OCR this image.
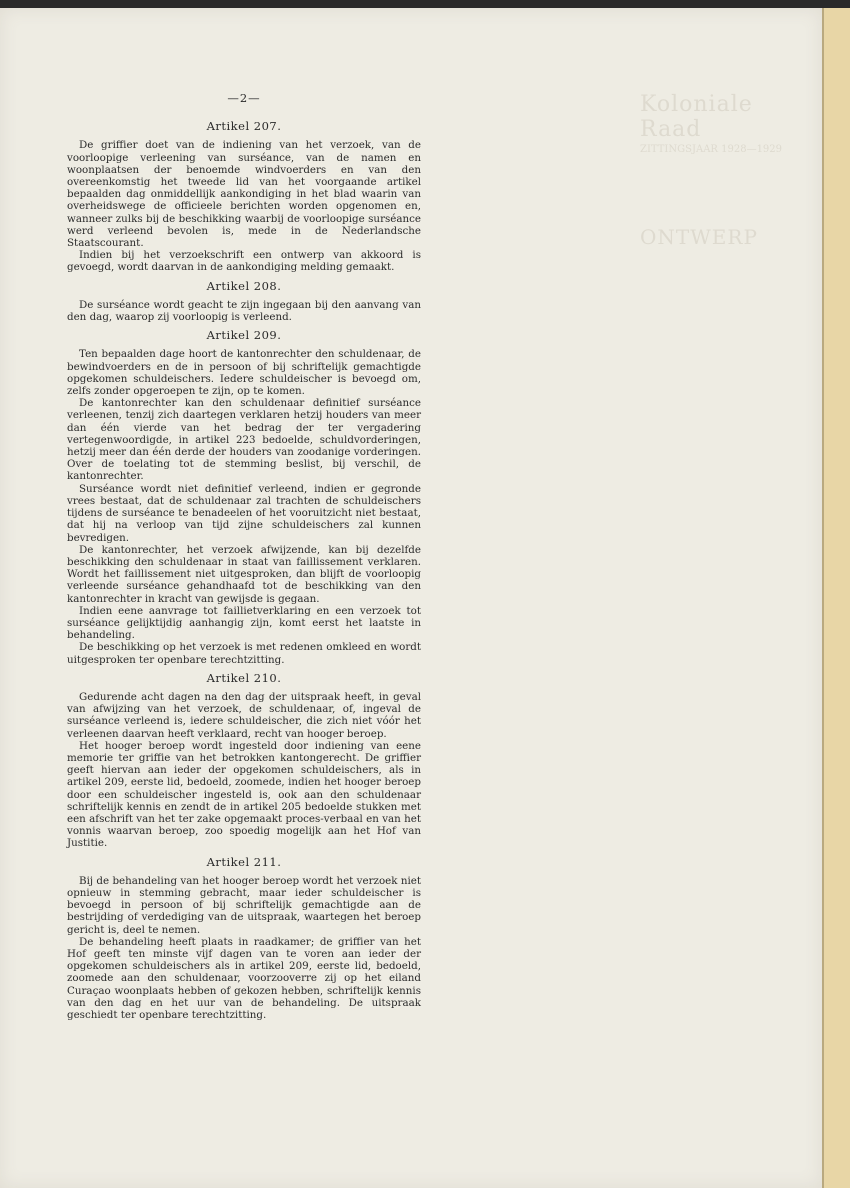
Koloniale Raad
ZITTINGSJAAR 1928—1929
ONTWERP
—2—
Artikel 207.

De griffier doet van de indiening van het verzoek, van de voorloopige verleening van surséance, van de namen en woonplaatsen der benoemde windvoerders en van den overeenkomstig het tweede lid van het voorgaande artikel bepaalden dag onmiddellijk aankondiging in het blad waarin van overheidswege de officieele berichten worden opgenomen en, wanneer zulks bij de beschikking waarbij de voorloopige surséance werd verleend bevolen is, mede in de Nederlandsche Staatscourant.

Indien bij het verzoekschrift een ontwerp van akkoord is gevoegd, wordt daarvan in de aankondiging melding gemaakt.

Artikel 208.

De surséance wordt geacht te zijn ingegaan bij den aanvang van den dag, waarop zij voorloopig is verleend.

Artikel 209.

Ten bepaalden dage hoort de kantonrechter den schuldenaar, de bewindvoerders en de in persoon of bij schriftelijk gemachtigde opgekomen schuldeischers. Iedere schuldeischer is bevoegd om, zelfs zonder opgeroepen te zijn, op te komen.

De kantonrechter kan den schuldenaar definitief surséance verleenen, tenzij zich daartegen verklaren hetzij houders van meer dan één vierde van het bedrag der ter vergadering vertegenwoordigde, in artikel 223 bedoelde, schuldvorderingen, hetzij meer dan één derde der houders van zoodanige vorderingen. Over de toelating tot de stemming beslist, bij verschil, de kantonrechter.

Surséance wordt niet definitief verleend, indien er gegronde vrees bestaat, dat de schuldenaar zal trachten de schuldeischers tijdens de surséance te benadeelen of het vooruitzicht niet bestaat, dat hij na verloop van tijd zijne schuldeischers zal kunnen bevredigen.

De kantonrechter, het verzoek afwijzende, kan bij dezelfde beschikking den schuldenaar in staat van faillissement verklaren. Wordt het faillissement niet uitgesproken, dan blijft de voorloopig verleende surséance gehandhaafd tot de beschikking van den kantonrechter in kracht van gewijsde is gegaan.

Indien eene aanvrage tot faillietverklaring en een verzoek tot surséance gelijktijdig aanhangig zijn, komt eerst het laatste in behandeling.

De beschikking op het verzoek is met redenen omkleed en wordt uitgesproken ter openbare terechtzitting.

Artikel 210.

Gedurende acht dagen na den dag der uitspraak heeft, in geval van afwijzing van het verzoek, de schuldenaar, of, ingeval de surséance verleend is, iedere schuldeischer, die zich niet vóór het verleenen daarvan heeft verklaard, recht van hooger beroep.

Het hooger beroep wordt ingesteld door indiening van eene memorie ter griffie van het betrokken kantongerecht. De griffier geeft hiervan aan ieder der opgekomen schuldeischers, als in artikel 209, eerste lid, bedoeld, zoomede, indien het hooger beroep door een schuldeischer ingesteld is, ook aan den schuldenaar schriftelijk kennis en zendt de in artikel 205 bedoelde stukken met een afschrift van het ter zake opgemaakt proces-verbaal en van het vonnis waarvan beroep, zoo spoedig mogelijk aan het Hof van Justitie.

Artikel 211.

Bij de behandeling van het hooger beroep wordt het verzoek niet opnieuw in stemming gebracht, maar ieder schuldeischer is bevoegd in persoon of bij schriftelijk gemachtigde aan de bestrijding of verdediging van de uitspraak, waartegen het beroep gericht is, deel te nemen.

De behandeling heeft plaats in raadkamer; de griffier van het Hof geeft ten minste vijf dagen van te voren aan ieder der opgekomen schuldeischers als in artikel 209, eerste lid, bedoeld, zoomede aan den schuldenaar, voorzooverre zij op het eiland Curaçao woonplaats hebben of gekozen hebben, schriftelijk kennis van den dag en het uur van de behandeling. De uitspraak geschiedt ter openbare terechtzitting.
